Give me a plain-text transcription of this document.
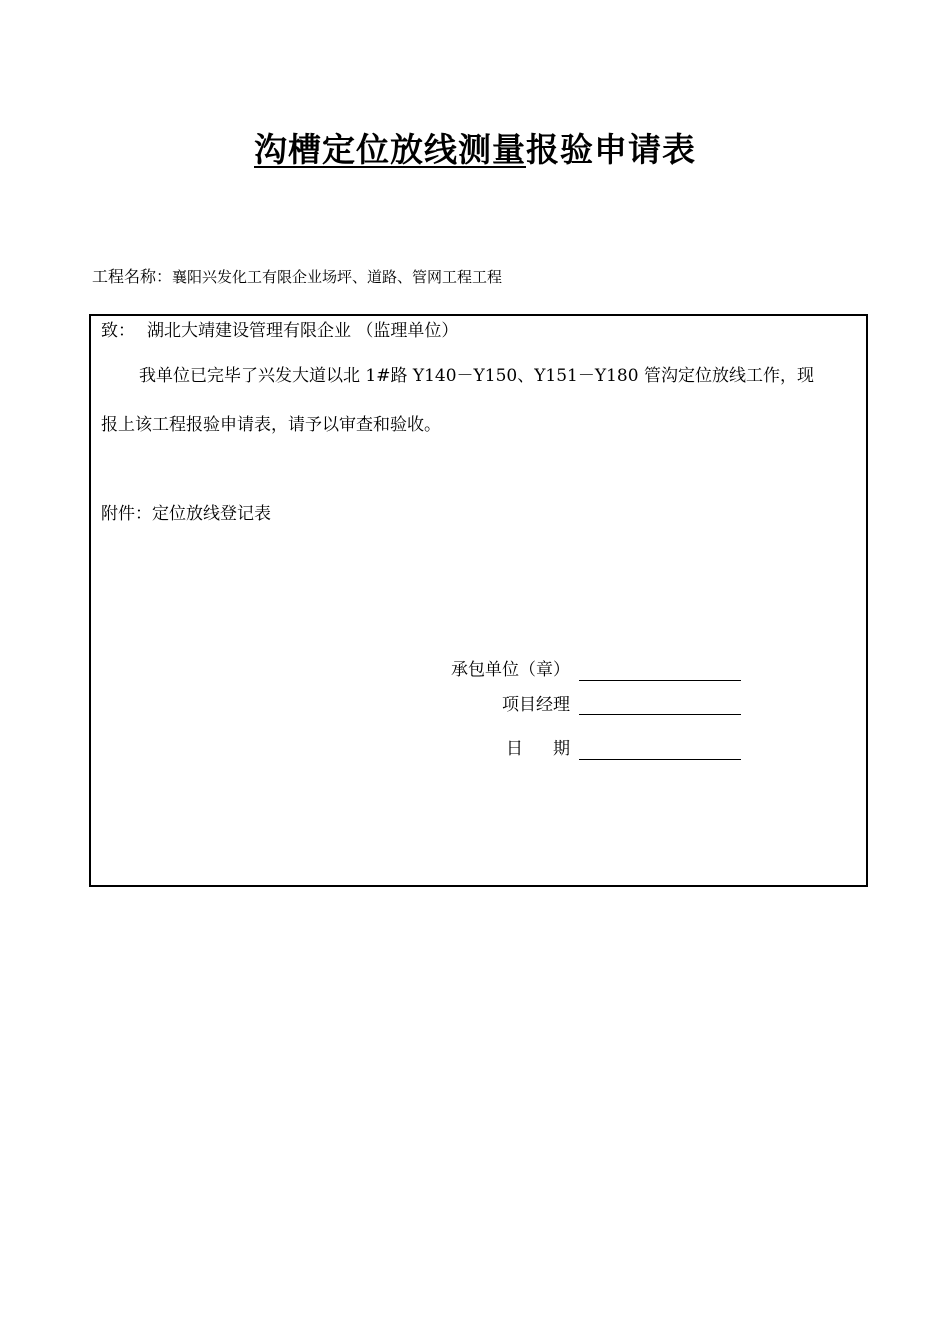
沟槽定位放线测量报验申请表
工程名称：襄阳兴发化工有限企业场坪、道路、管网工程工程
致： 湖北大靖建设管理有限企业 （监理单位）
我单位已完毕了兴发大道以北 1#路 Y140－Y150、Y151－Y180 管沟定位放线工作，现
报上该工程报验申请表，请予以审查和验收。
附件：定位放线登记表
承包单位（章）
项目经理
日 期
